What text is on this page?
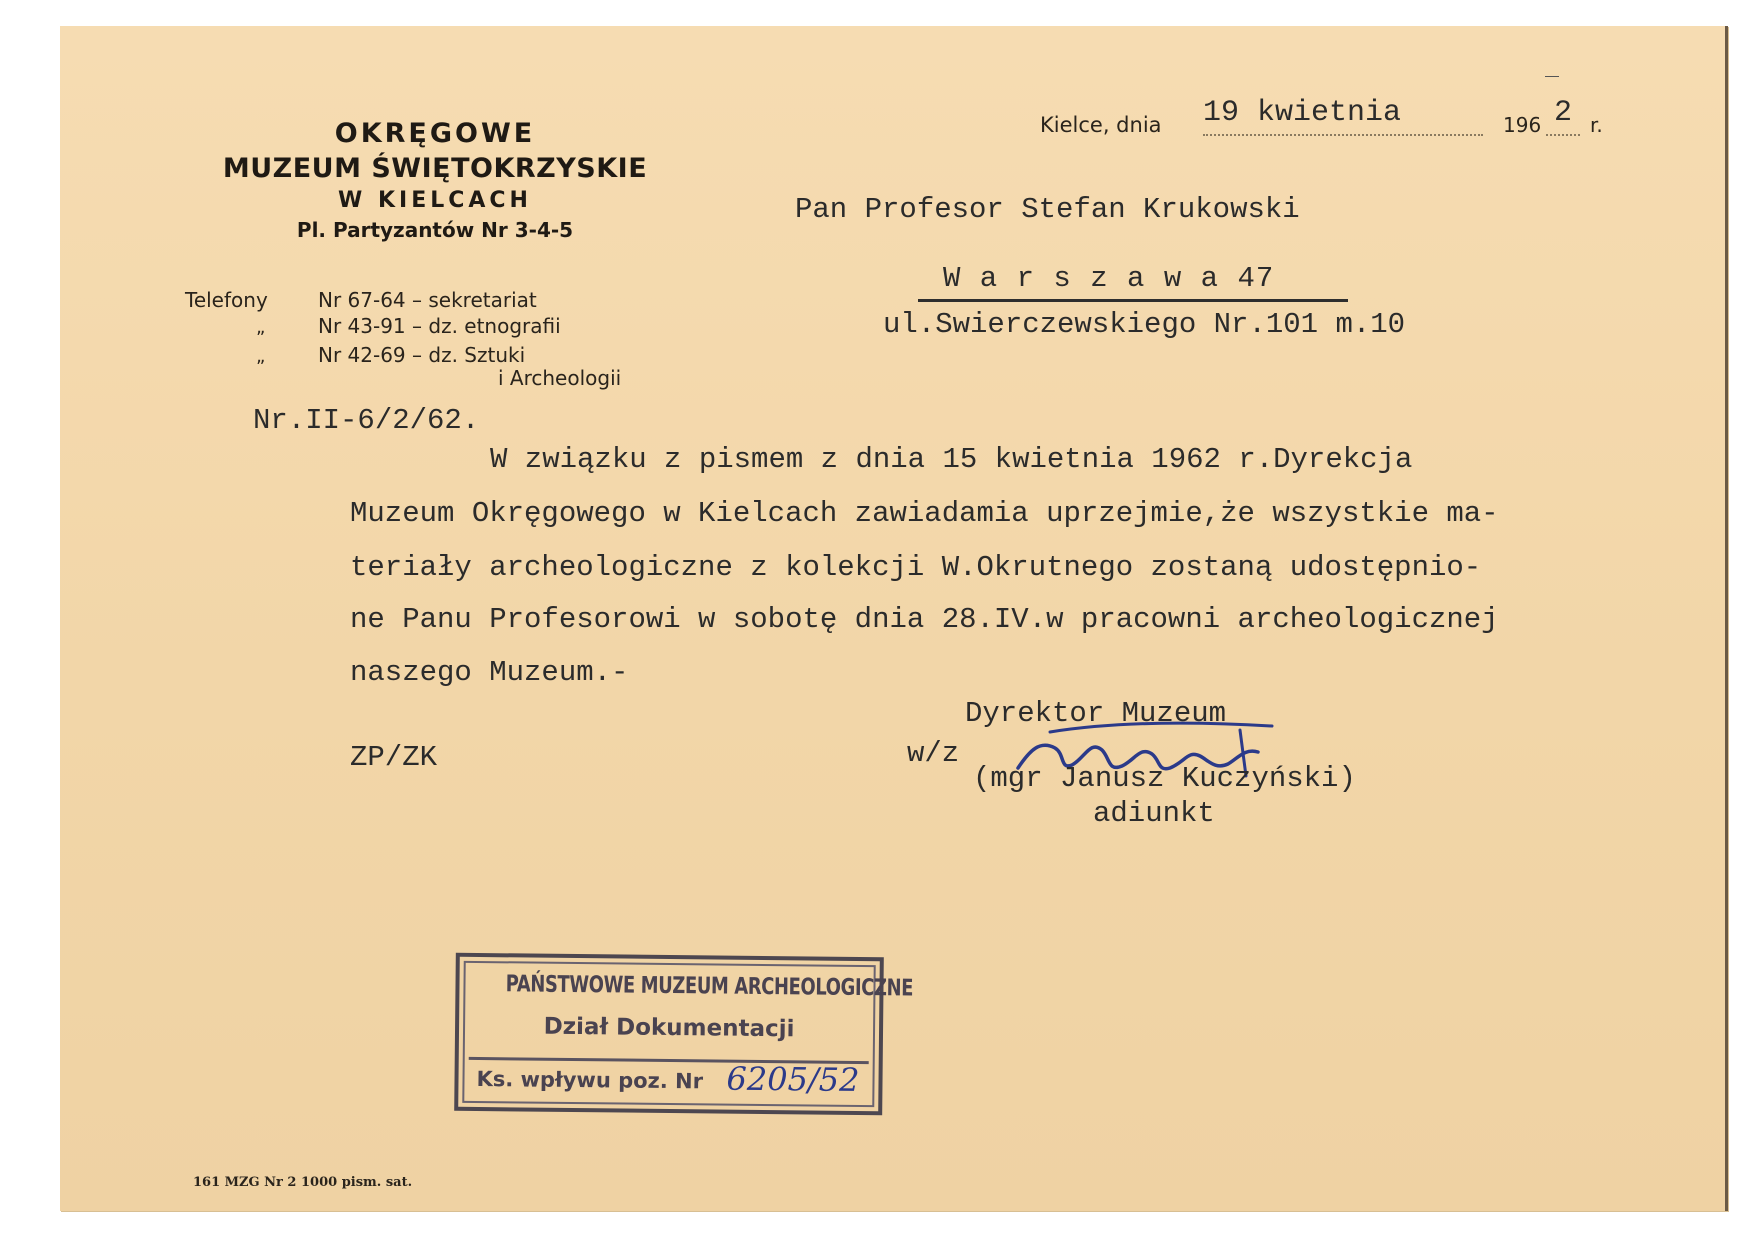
OKRĘGOWE
MUZEUM ŚWIĘTOKRZYSKIE
W KIELCACH
Pl. Partyzantów Nr 3-4-5
Telefony	Nr 67-64 – sekretariat
„	Nr 43-91 – dz. etnografii
„	Nr 42-69 – dz. Sztuki
i Archeologii
Kielce, dnia 19 kwietnia	196 2 r.
Pan Profesor Stefan Krukowski
W a r s z a w a 47
ul.Swierczewskiego Nr.101 m.10
Nr.II-6/2/62.
W związku z pismem z dnia 15 kwietnia 1962 r.Dyrekcja
Muzeum Okręgowego w Kielcach zawiadamia uprzejmie,że wszystkie ma-
teriały archeologiczne z kolekcji W.Okrutnego zostaną udostępnio-
ne Panu Profesorowi w sobotę dnia 28.IV.w pracowni archeologicznej
naszego Muzeum.-
ZP/ZK
Dyrektor Muzeum
w/z
(mgr Janusz Kuczyński)
adiunkt
PAŃSTWOWE MUZEUM ARCHEOLOGICZNE
Dział Dokumentacji
Ks. wpływu poz. Nr 6205/52
161 MZG Nr 2 1000 pism. sat.
